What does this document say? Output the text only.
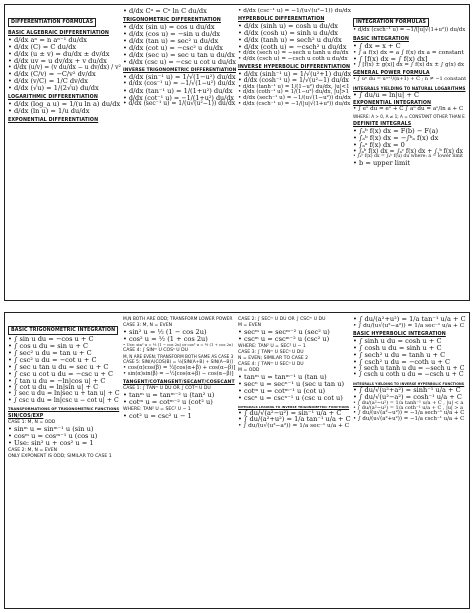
DIFFERENTIATION FORMULAS
BASIC ALGEBRAIC DIFFERENTIATION
• d/dx aⁿ = n aⁿ⁻¹ du/dx
• d/dx (C) = C du/dx
• d/dx (u ± v) = du/dx ± dv/dx
• d/dx uv = u dv/dx + v du/dx
• d/dx (u/v) = (v du/dx − u dv/dx) / v²
• d/dx (C/v) = −C/v² dv/dx
• d/dx (v/C) = 1/C dv/dx
• d/dx (√u) = 1/(2√u) du/dx
LOGARITHMIC DIFFERENTIATION
• d/dx (log_a u) = 1/(u ln a) du/dx
• d/dx (ln u) = 1/u du/dx
EXPONENTIAL DIFFERENTIATION
• d/dx Cᵘ = Cᵘ ln C du/dx
TRIGONOMETRIC DIFFERENTIATION
• d/dx (sin u) = cos u du/dx
• d/dx (cos u) = −sin u du/dx
• d/dx (tan u) = sec² u du/dx
• d/dx (cot u) = −csc² u du/dx
• d/dx (sec u) = sec u tan u du/dx
• d/dx (csc u) = −csc u cot u du/dx
INVERSE TRIGONOMETRIC DIFFERENTIATION
• d/dx (sin⁻¹ u) = 1/√(1−u²) du/dx
• d/dx (cos⁻¹ u) = −1/√(1−u²) du/dx
• d/dx (tan⁻¹ u) = 1/(1+u²) du/dx
• d/dx (cot⁻¹ u) = −1/(1+u²) du/dx
• d/dx (sec⁻¹ u) = 1/(u√(u²−1)) du/dx
• d/dx (csc⁻¹ u) = −1/(u√(u²−1)) du/dx
HYPERBOLIC DIFFERENTIATION
• d/dx (sinh u) = cosh u du/dx
• d/dx (cosh u) = sinh u du/dx
• d/dx (tanh u) = sech² u du/dx
• d/dx (coth u) = −csch² u du/dx
• d/dx (sech u) = −sech u tanh u du/dx
• d/dx (csch u) = −csch u coth u du/dx
INVERSE HYPERBOLIC DIFFERENTIATION
• d/dx (sinh⁻¹ u) = 1/√(u²+1) du/dx
• d/dx (cosh⁻¹ u) = 1/√(u²−1) du/dx
• d/dx (tanh⁻¹ u) = 1/(1−u²) du/dx, |u|<1
• d/dx (coth⁻¹ u) = 1/(1−u²) du/dx, |u|>1
• d/dx (sech⁻¹ u) = −1/(u√(1−u²)) du/dx
• d/dx (csch⁻¹ u) = −1/(|u|√(1+u²)) du/dx
INTEGRATION FORMULAS
• d/dx (csch⁻¹ u) = −1/(|u|√(1+u²)) du/dx
BASIC INTEGRATION
• ∫ dx = x + C
• ∫ a f(x) dx = a ∫ f(x) dx a = constant
• ∫ [f(x) dx = ∫ f(x) dx]
• ∫ [f(x) ± g(x)] dx = ∫ f(x) dx ± ∫ g(x) dx
GENERAL POWER FORMULA
• ∫ uⁿ du = uⁿ⁺¹/(n+1) + C ; n ≠ −1 constant
INTEGRALS YIELDING TO NATURAL LOGARITHMS
• ∫ du/u = ln|u| + C
EXPONENTIAL INTEGRATION
• ∫ eᵘ du = eᵘ + C ∫ aᵘ du = aᵘ/ln a + C
WHERE: A > 0, A ≠ 1; A = CONSTANT OTHER THAN E
DEFINITE INTEGRALS
• ∫ₐᵇ f(x) dx = F(b) − F(a)
• ∫ₐᵇ f(x) dx = −∫ᵇₐ f(x) dx
• ∫ₐᵃ f(x) dx = 0
• ∫ₐᵇ f(x) dx = ∫ₐᶜ f(x) dx + ∫꜀ᵇ f(x) dx
• ∫ₐᵇ f(x) dx = ∫ₐᵇ f(u) du where: a = lower limit
• b = upper limit
BASIC TRIGONOMETRIC INTEGRATION
• ∫ sin u du = −cos u + C
• ∫ cos u du = sin u + C
• ∫ sec² u du = tan u + C
• ∫ csc² u du = −cot u + C
• ∫ sec u tan u du = sec u + C
• ∫ csc u cot u du = −csc u + C
• ∫ tan u du = −ln|cos u| + C
• ∫ cot u du = ln|sin u| + C
• ∫ sec u du = ln|sec u + tan u| + C
• ∫ csc u du = ln|csc u − cot u| + C
TRANSFORMATIONS OF TRIGONOMETRIC FUNCTIONS
SIN/COS/EXP
CASE 1: M, N = ODD
• sinᵐ u = sinᵐ⁻¹ u (sin u)
• cosᵐ u = cosᵐ⁻¹ u (cos u)
• Use: sin² u + cos² u = 1
CASE 2: M, N = EVEN
ONLY EXPONENT IS ODD; SIMILAR TO CASE 1
M,N BOTH ARE ODD; TRANSFORM LOWER POWER
CASE 3: M, N = EVEN
• sin² u = ½ (1 − cos 2u)
• cos² u = ½ (1 + cos 2u)
• Use: sin² u = ½ (1 − cos 2u) or cos² u = ½ (1 + cos 2u)
CASE 4: ∫ SINᵐ U COSⁿ U DU
M, N ARE EVEN; TRANSFORM BOTH SAME AS CASE 3
CASE 5: SIN(Α)COS(Β) = ½[SIN(Α+Β) + SIN(Α−Β)]
• cos(α)cos(β) = ½[cos(α+β) + cos(α−β)]
• sin(α)sin(β) = −½[cos(α+β) − cos(α−β)]
TANGENT/COTANGENT/SECANT/COSECANT
CASE 1: ∫ TANᵐ U DU OR ∫ COTᵐ U DU
• tanᵐ u = tanᵐ⁻² u (tan² u)
• cotᵐ u = cotᵐ⁻² u (cot² u)
WHERE: TAN² U = SEC² U − 1
• cot² u = csc² u − 1
CASE 2: ∫ SECᵐ U DU OR ∫ CSCᵐ U DU
M = EVEN
• secᵐ u = secᵐ⁻² u (sec² u)
• cscᵐ u = cscᵐ⁻² u (csc² u)
WHERE: TAN² U = SEC² U − 1
CASE 3: ∫ TANᵐ U SECⁿ U DU
N = EVEN; SIMILAR TO CASE 2
CASE 4: ∫ TANᵐ U SECⁿ U DU
M = ODD
• tanᵐ u = tanᵐ⁻¹ u (tan u)
• secⁿ u = secⁿ⁻¹ u (sec u tan u)
• cotᵐ u = cotᵐ⁻¹ u (cot u)
• cscⁿ u = cscⁿ⁻¹ u (csc u cot u)
INTEGRALS LEADING TO INVERSE TRIGONOMETRIC FUNCTIONS
• ∫ du/√(a²−u²) = sin⁻¹ u/a + C
• ∫ du/(a²+u²) = 1/a tan⁻¹ u/a + C
• ∫ du/(u√(u²−a²)) = 1/a sec⁻¹ u/a + C
• ∫ du/(a²+u²) = 1/a tan⁻¹ u/a + C
• ∫ du/(u√(u²−a²)) = 1/a sec⁻¹ u/a + C
BASIC HYPERBOLIC INTEGRATION
• ∫ sinh u du = cosh u + C
• ∫ cosh u du = sinh u + C
• ∫ sech² u du = tanh u + C
• ∫ csch² u du = −coth u + C
• ∫ sech u tanh u du = −sech u + C
• ∫ csch u coth u du = −csch u + C
INTEGRALS YIELDING TO INVERSE HYPERBOLIC FUNCTIONS
• ∫ du/√(u²+a²) = sinh⁻¹ u/a + C
• ∫ du/√(u²−a²) = cosh⁻¹ u/a + C
• ∫ du/(a²−u²) = 1/a tanh⁻¹ u/a + C , |u| < a
• ∫ du/(a²−u²) = 1/a coth⁻¹ u/a + C , |u| > a
• ∫ du/(u√(a²−u²)) = −1/a sech⁻¹ u/a + C
• ∫ du/(u√(a²+u²)) = −1/a csch⁻¹ u/a + C
